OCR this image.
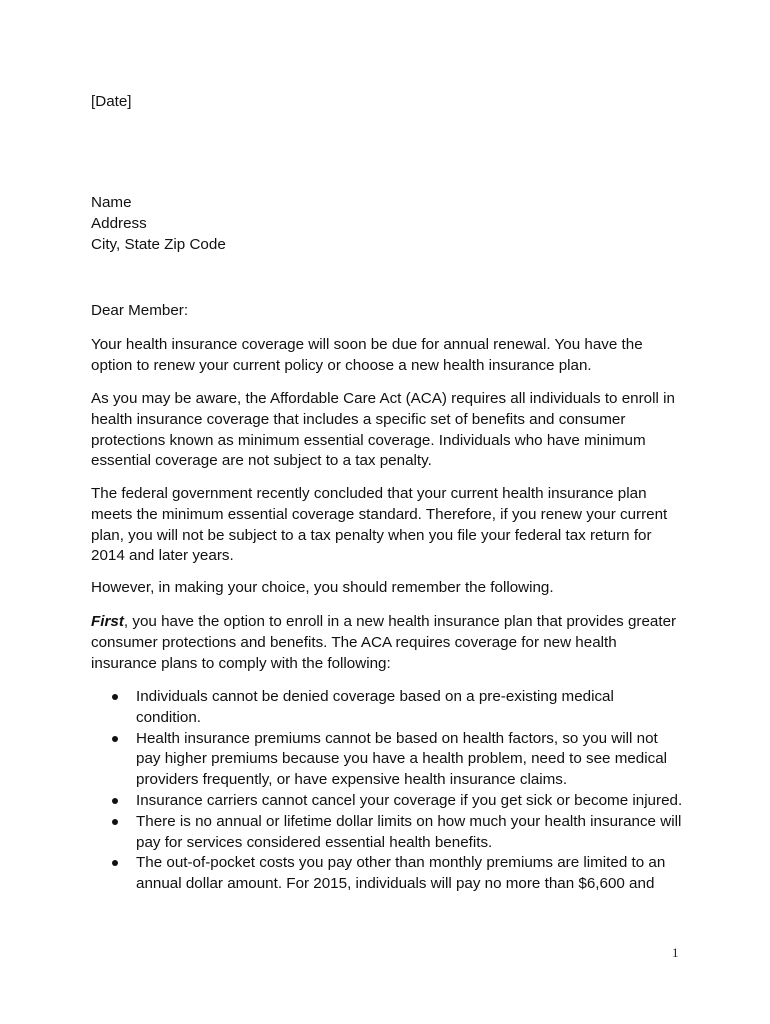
[Date]

Name
Address
City, State Zip Code

Dear Member:

Your health insurance coverage will soon be due for annual renewal. You have the
option to renew your current policy or choose a new health insurance plan.

As you may be aware, the Affordable Care Act (ACA) requires all individuals to enroll in
health insurance coverage that includes a specific set of benefits and consumer
protections known as minimum essential coverage. Individuals who have minimum
essential coverage are not subject to a tax penalty.

The federal government recently concluded that your current health insurance plan
meets the minimum essential coverage standard. Therefore, if you renew your current
plan, you will not be subject to a tax penalty when you file your federal tax return for
2014 and later years.

However, in making your choice, you should remember the following.

First, you have the option to enroll in a new health insurance plan that provides greater
consumer protections and benefits. The ACA requires coverage for new health
insurance plans to comply with the following:

Individuals cannot be denied coverage based on a pre-existing medical
condition.
Health insurance premiums cannot be based on health factors, so you will not
pay higher premiums because you have a health problem, need to see medical
providers frequently, or have expensive health insurance claims.
Insurance carriers cannot cancel your coverage if you get sick or become injured.
There is no annual or lifetime dollar limits on how much your health insurance will
pay for services considered essential health benefits.
The out-of-pocket costs you pay other than monthly premiums are limited to an
annual dollar amount. For 2015, individuals will pay no more than $6,600 and
1
